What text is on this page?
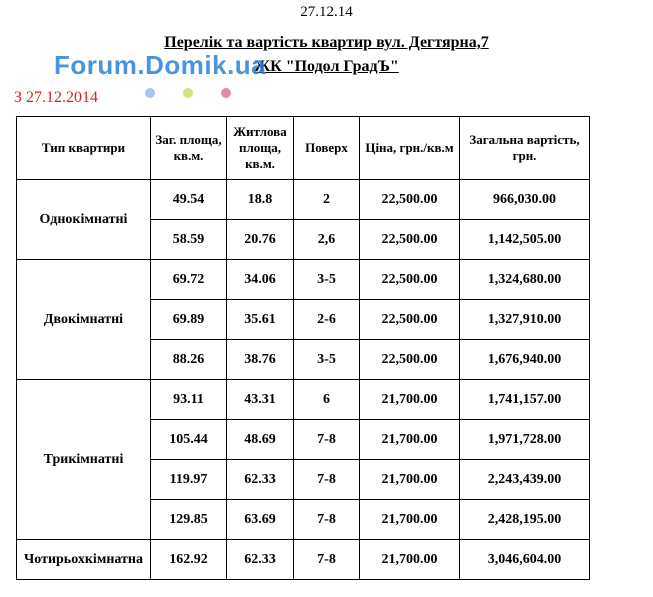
27.12.14
Перелік та вартість квартир вул. Дегтярна,7
ЖК "Подол ГрадЪ"
Forum.Domik.ua
З 27.12.2014
Тип квартири	Заг. площа, кв.м.	Житлова площа, кв.м.	Поверх	Ціна, грн./кв.м	Загальна вартість, грн.
Однокімнатні	49.54	18.8	2	22,500.00	966,030.00
	58.59	20.76	2,6	22,500.00	1,142,505.00
Двокімнатні	69.72	34.06	3-5	22,500.00	1,324,680.00
	69.89	35.61	2-6	22,500.00	1,327,910.00
	88.26	38.76	3-5	22,500.00	1,676,940.00
Трикімнатні	93.11	43.31	6	21,700.00	1,741,157.00
	105.44	48.69	7-8	21,700.00	1,971,728.00
	119.97	62.33	7-8	21,700.00	2,243,439.00
	129.85	63.69	7-8	21,700.00	2,428,195.00
Чотирьохкімнатна	162.92	62.33	7-8	21,700.00	3,046,604.00
